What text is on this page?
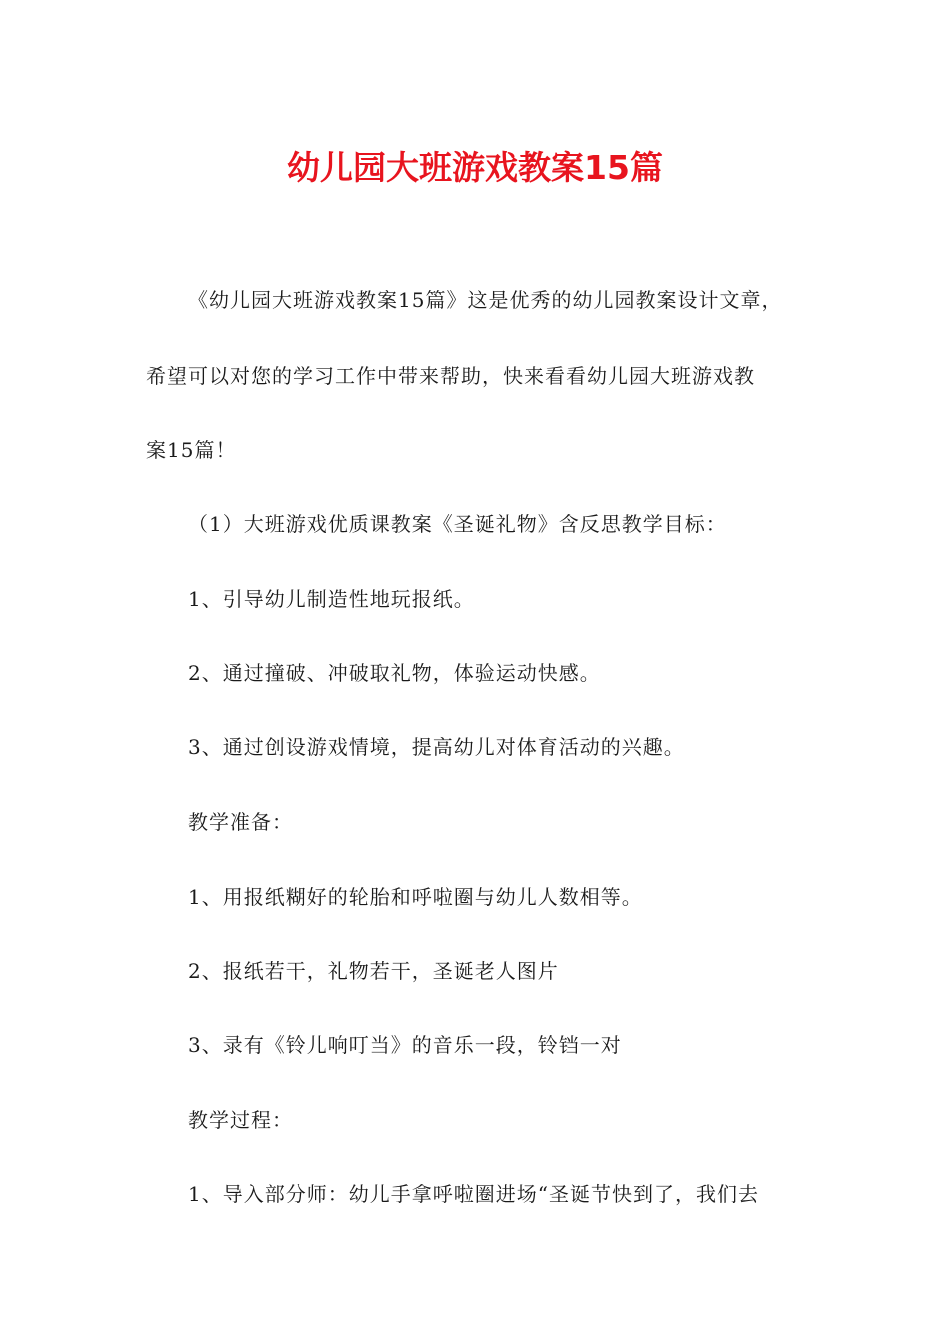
幼儿园大班游戏教案15篇

《幼儿园大班游戏教案15篇》这是优秀的幼儿园教案设计文章，

希望可以对您的学习工作中带来帮助，快来看看幼儿园大班游戏教

案15篇！

（1）大班游戏优质课教案《圣诞礼物》含反思教学目标：

1、引导幼儿制造性地玩报纸。

2、通过撞破、冲破取礼物，体验运动快感。

3、通过创设游戏情境，提高幼儿对体育活动的兴趣。

教学准备：

1、用报纸糊好的轮胎和呼啦圈与幼儿人数相等。

2、报纸若干，礼物若干，圣诞老人图片

3、录有《铃儿响叮当》的音乐一段，铃铛一对

教学过程：

1、导入部分师：幼儿手拿呼啦圈进场“圣诞节快到了，我们去
